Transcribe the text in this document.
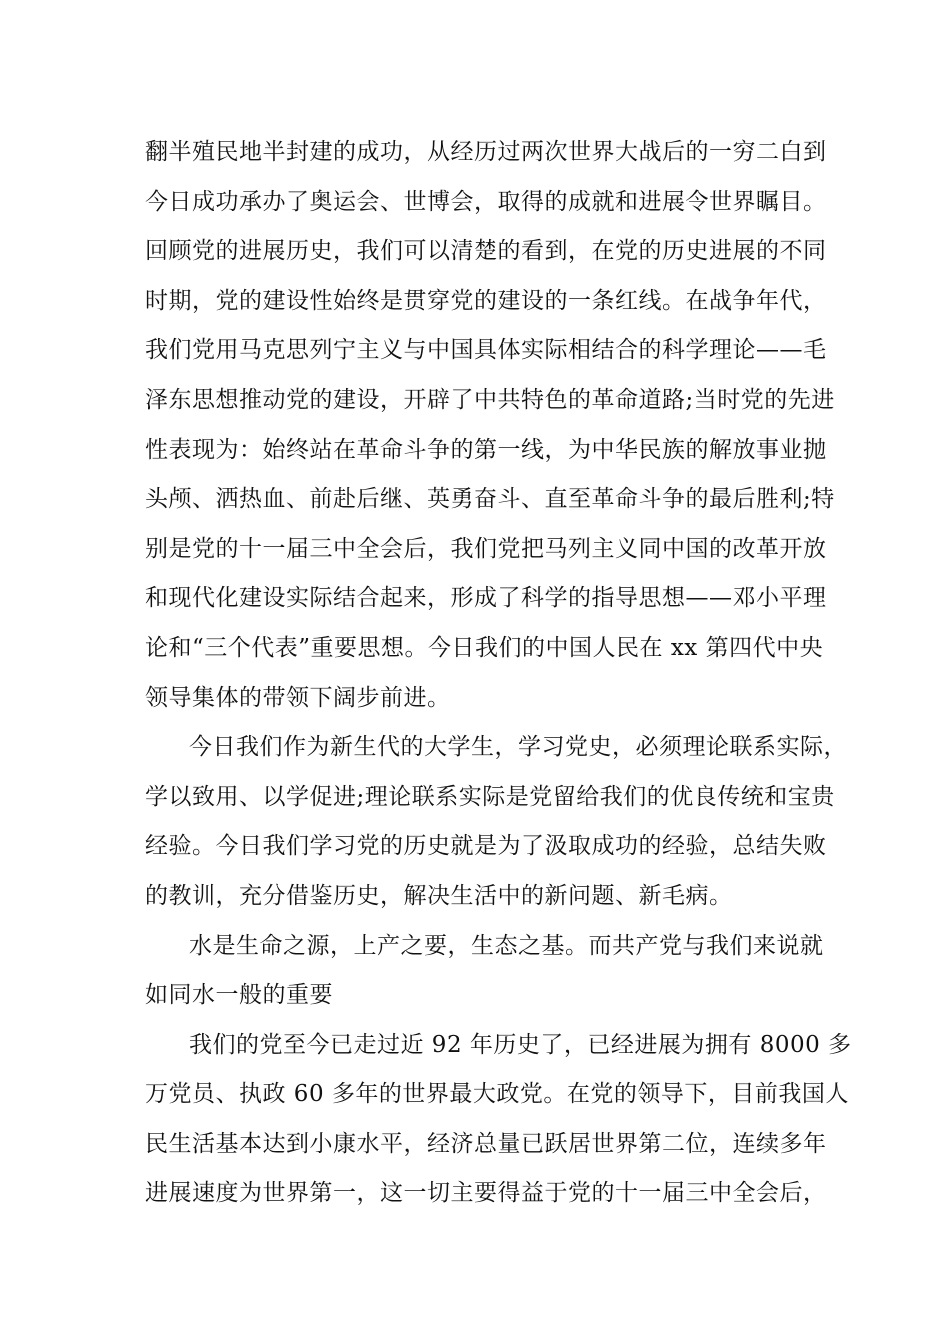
翻半殖民地半封建的成功，从经历过两次世界大战后的一穷二白到
今日成功承办了奥运会、世博会，取得的成就和进展令世界瞩目。
回顾党的进展历史，我们可以清楚的看到，在党的历史进展的不同
时期，党的建设性始终是贯穿党的建设的一条红线。在战争年代，
我们党用马克思列宁主义与中国具体实际相结合的科学理论——毛
泽东思想推动党的建设，开辟了中共特色的革命道路;当时党的先进
性表现为：始终站在革命斗争的第一线，为中华民族的解放事业抛
头颅、洒热血、前赴后继、英勇奋斗、直至革命斗争的最后胜利;特
别是党的十一届三中全会后，我们党把马列主义同中国的改革开放
和现代化建设实际结合起来，形成了科学的指导思想——邓小平理
论和“三个代表”重要思想。今日我们的中国人民在 xx 第四代中央
领导集体的带领下阔步前进。
今日我们作为新生代的大学生，学习党史，必须理论联系实际，
学以致用、以学促进;理论联系实际是党留给我们的优良传统和宝贵
经验。今日我们学习党的历史就是为了汲取成功的经验，总结失败
的教训，充分借鉴历史，解决生活中的新问题、新毛病。
水是生命之源，上产之要，生态之基。而共产党与我们来说就
如同水一般的重要
我们的党至今已走过近 92 年历史了，已经进展为拥有 8000 多
万党员、执政 60 多年的世界最大政党。在党的领导下，目前我国人
民生活基本达到小康水平，经济总量已跃居世界第二位，连续多年
进展速度为世界第一，这一切主要得益于党的十一届三中全会后，
